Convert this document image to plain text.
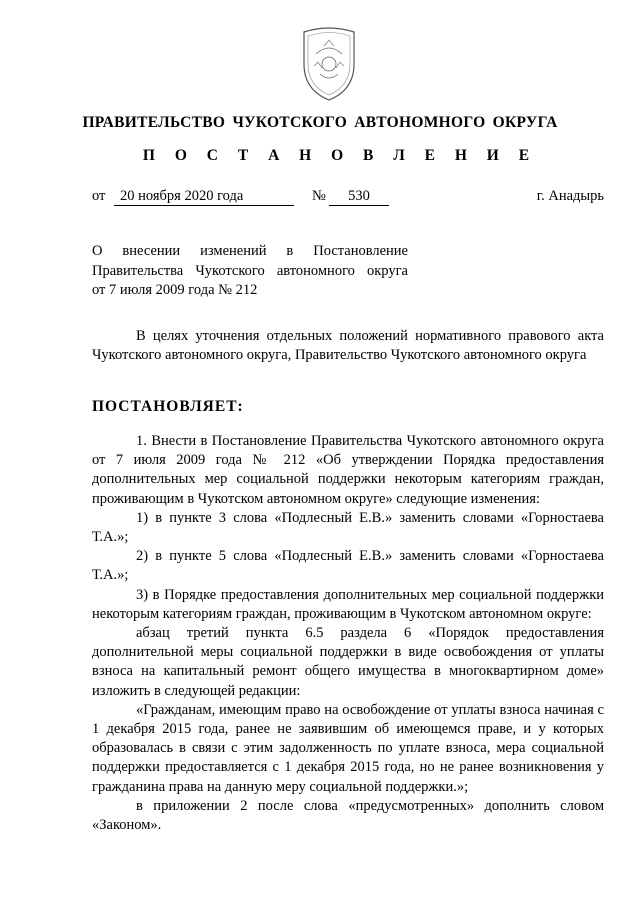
ПРАВИТЕЛЬСТВО ЧУКОТСКОГО АВТОНОМНОГО ОКРУГА
П О С Т А Н О В Л Е Н И Е
от	20 ноября 2020 года	№	530	г. Анадырь
О внесении изменений в Постановление
Правительства Чукотского автономного округа
от 7 июля 2009 года № 212

В целях уточнения отдельных положений нормативного правового акта Чукотского автономного округа, Правительство Чукотского автономного округа

ПОСТАНОВЛЯЕТ:

1. Внести в Постановление Правительства Чукотского автономного округа от 7 июля 2009 года № 212 «Об утверждении Порядка предоставления дополнительных мер социальной поддержки некоторым категориям граждан, проживающим в Чукотском автономном округе» следующие изменения:

1) в пункте 3 слова «Подлесный Е.В.» заменить словами «Горностаева Т.А.»;

2) в пункте 5 слова «Подлесный Е.В.» заменить словами «Горностаева Т.А.»;

3) в Порядке предоставления дополнительных мер социальной поддержки некоторым категориям граждан, проживающим в Чукотском автономном округе:

абзац третий пункта 6.5 раздела 6 «Порядок предоставления дополнительной меры социальной поддержки в виде освобождения от уплаты взноса на капитальный ремонт общего имущества в многоквартирном доме» изложить в следующей редакции:

«Гражданам, имеющим право на освобождение от уплаты взноса начиная с 1 декабря 2015 года, ранее не заявившим об имеющемся праве, и у которых образовалась в связи с этим задолженность по уплате взноса, мера социальной поддержки предоставляется с 1 декабря 2015 года, но не ранее возникновения у гражданина права на данную меру социальной поддержки.»;

в приложении 2 после слова «предусмотренных» дополнить словом «Законом».
